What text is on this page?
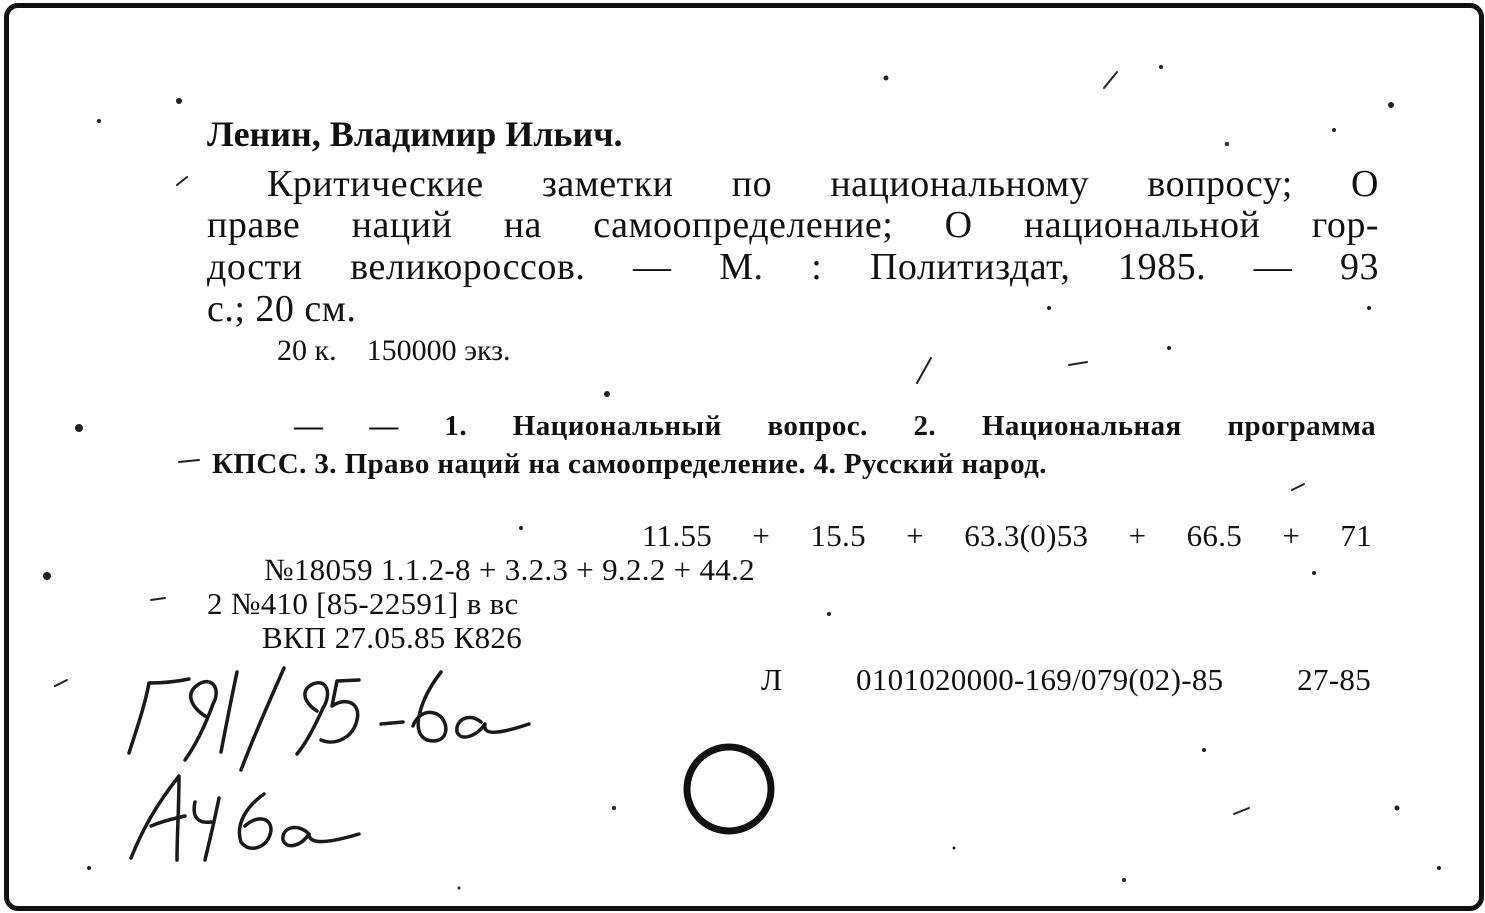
Ленин, Владимир Ильич.
Критические заметки по национальному вопросу; О
праве наций на самоопределение; О национальной гор-
дости великороссов. — М. : Политиздат, 1985. — 93
с.; 20 см.
20 к.    150000 экз.
— — 1. Национальный вопрос. 2. Национальная программа
КПСС. 3. Право наций на самоопределение. 4. Русский народ.
11.55 + 15.5 + 63.3(0)53 + 66.5 + 71
№18059 1.1.2-8 + 3.2.3 + 9.2.2 + 44.2
2 №410 [85-22591] в вс
ВКП 27.05.85 К826
Л 0101020000-169/079(02)-85 27-85
